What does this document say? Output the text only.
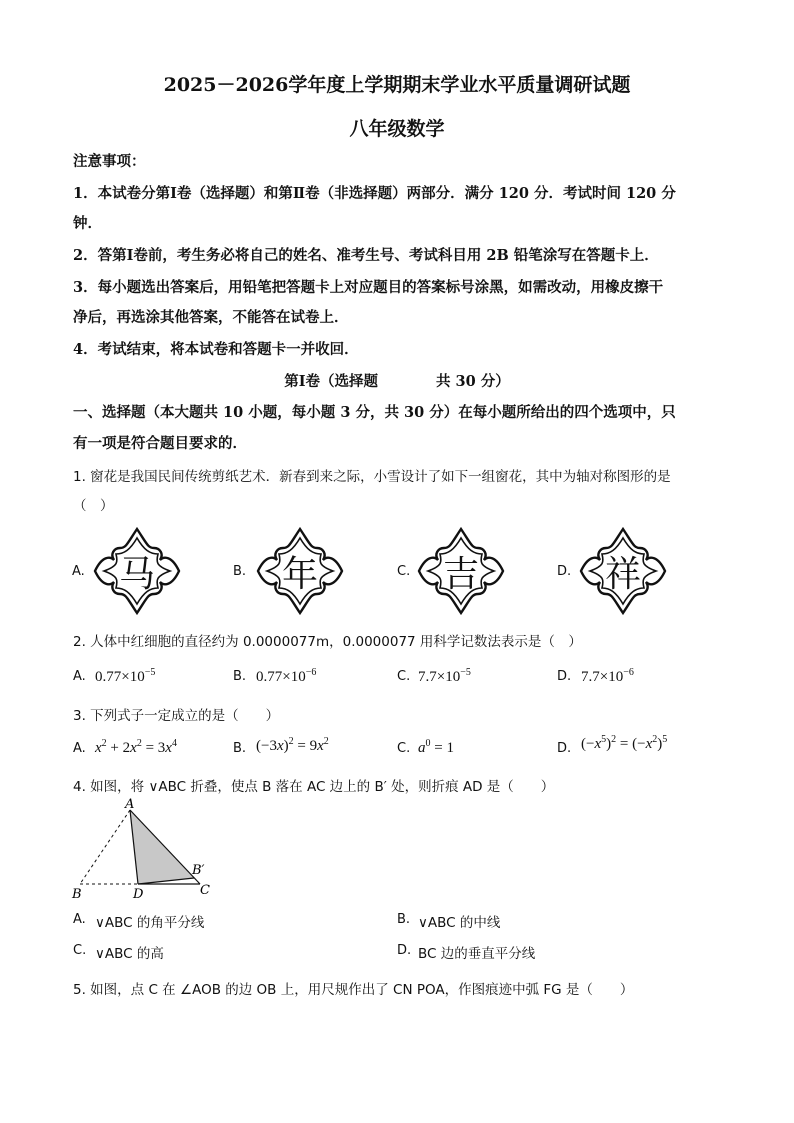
2025－2026学年度上学期期末学业水平质量调研试题
八年级数学
注意事项：
1．本试卷分第Ⅰ卷（选择题）和第Ⅱ卷（非选择题）两部分．满分 120 分．考试时间 120 分
钟．
2．答第Ⅰ卷前，考生务必将自己的姓名、准考生号、考试科目用 2B 铅笔涂写在答题卡上．
3．每小题选出答案后，用铅笔把答题卡上对应题目的答案标号涂黑，如需改动，用橡皮擦干
净后，再选涂其他答案，不能答在试卷上．
4．考试结束，将本试卷和答题卡一并收回．
第Ⅰ卷（选择题　　　　共 30 分）
一、选择题（本大题共 10 小题，每小题 3 分，共 30 分）在每小题所给出的四个选项中，只
有一项是符合题目要求的．
1. 窗花是我国民间传统剪纸艺术．新春到来之际，小雪设计了如下一组窗花，其中为轴对称图形的是
（　）
A. 马	B. 年	C. 吉	D. 祥
2. 人体中红细胞的直径约为 0.0000077m，0.0000077 用科学记数法表示是（　）
A. $0.77\times 10^{-5}$	B. $0.77\times 10^{-6}$	C. $7.7\times 10^{-5}$	D. $7.7\times 10^{-6}$
3. 下列式子一定成立的是（　　）
A. $x^2 + 2x^2 = 3x^4$	B. $(-3x)^2 = 9x^2$	C. $a^0 = 1$	D. $(-x^5)^2 = (-x^2)^5$
4. 如图，将 ∨ABC 折叠，使点 B 落在 AC 边上的 B′ 处，则折痕 AD 是（　　）
A
B	D	C
B′
A. ∨ABC 的角平分线	B. ∨ABC 的中线
C. ∨ABC 的高	D. BC 边的垂直平分线
5. 如图，点 C 在 ∠AOB 的边 OB 上，用尺规作出了 CN ΡOA，作图痕迹中弧 FG 是（　　）
